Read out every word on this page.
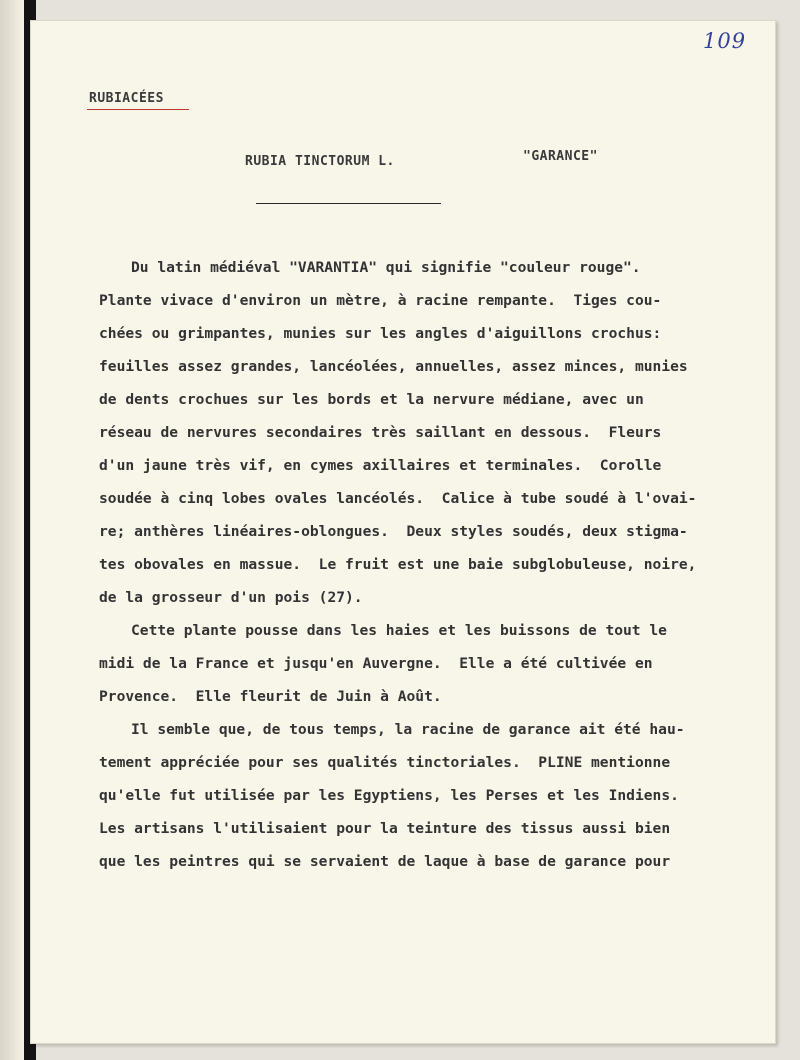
109
RUBIACÉES
RUBIA TINCTORUM L.	"GARANCE"
Du latin médiéval "VARANTIA" qui signifie "couleur rouge".
Plante vivace d'environ un mètre, à racine rempante.  Tiges cou-
chées ou grimpantes, munies sur les angles d'aiguillons crochus:
feuilles assez grandes, lancéolées, annuelles, assez minces, munies
de dents crochues sur les bords et la nervure médiane, avec un
réseau de nervures secondaires très saillant en dessous.  Fleurs
d'un jaune très vif, en cymes axillaires et terminales.  Corolle
soudée à cinq lobes ovales lancéolés.  Calice à tube soudé à l'ovai-
re; anthères linéaires-oblongues.  Deux styles soudés, deux stigma-
tes obovales en massue.  Le fruit est une baie subglobuleuse, noire,
de la grosseur d'un pois (27).
Cette plante pousse dans les haies et les buissons de tout le
midi de la France et jusqu'en Auvergne.  Elle a été cultivée en
Provence.  Elle fleurit de Juin à Août.
Il semble que, de tous temps, la racine de garance ait été hau-
tement appréciée pour ses qualités tinctoriales.  PLINE mentionne
qu'elle fut utilisée par les Egyptiens, les Perses et les Indiens.
Les artisans l'utilisaient pour la teinture des tissus aussi bien
que les peintres qui se servaient de laque à base de garance pour
